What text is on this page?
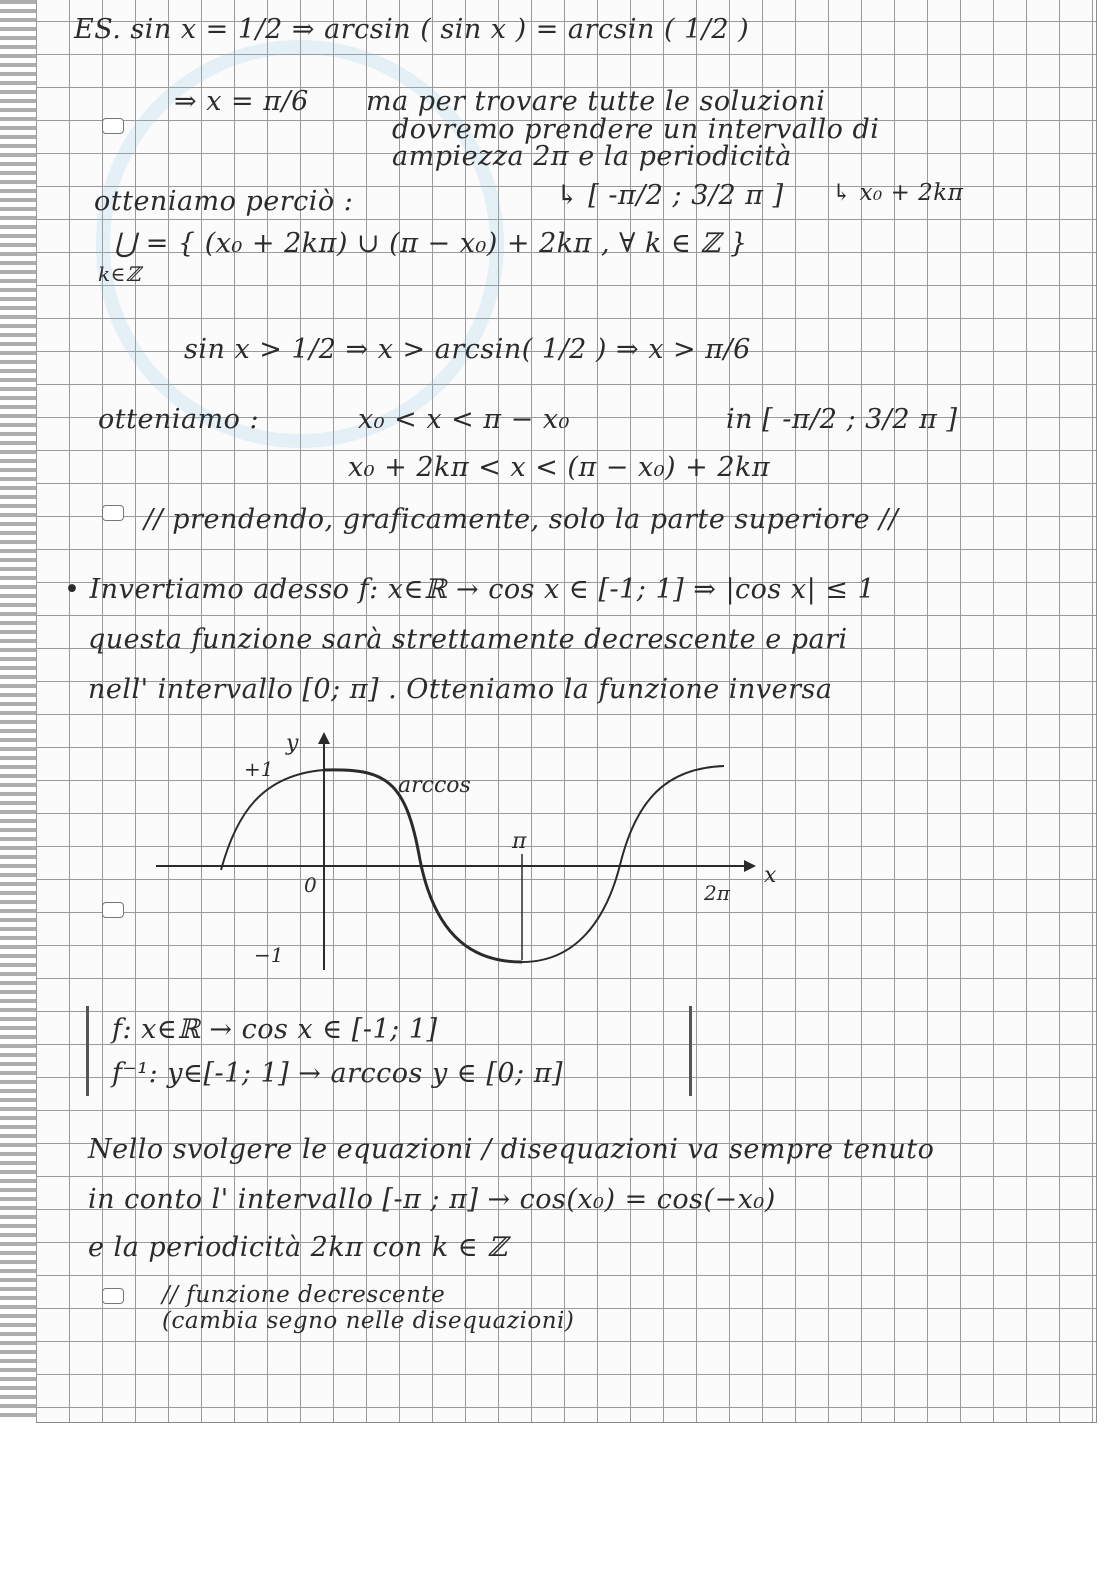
ES. sin x = 1/2 ⇒ arcsin ( sin x ) = arcsin ( 1/2 )
⇒ x = π/6 ma per trovare tutte le soluzioni
dovremo prendere un intervallo di
ampiezza 2π e la periodicità
otteniamo perciò :	↳ [ -π/2 ; 3/2 π ] ↳ x₀ + 2kπ
⋃ = { (x₀ + 2kπ) ∪ (π − x₀) + 2kπ , ∀ k ∈ ℤ }
k∈ℤ
sin x > 1/2 ⇒ x > arcsin( 1/2 ) ⇒ x > π/6
otteniamo :	x₀ < x < π − x₀	in [ -π/2 ; 3/2 π ]
x₀ + 2kπ < x < (π − x₀) + 2kπ
// prendendo, graficamente, solo la parte superiore //
• Invertiamo adesso f: x∈ℝ → cos x ∈ [-1; 1] ⇒ |cos x| ≤ 1
questa funzione sarà strettamente decrescente e pari
nell' intervallo [0; π] . Otteniamo la funzione inversa
y
x
+1
−1
0
π
2π
arccos
f: x∈ℝ → cos x ∈ [-1; 1]
f⁻¹: y∈[-1; 1] → arccos y ∈ [0; π]
Nello svolgere le equazioni / disequazioni va sempre tenuto
in conto l' intervallo [-π ; π] → cos(x₀) = cos(−x₀)
e la periodicità 2kπ con k ∈ ℤ
// funzione decrescente
(cambia segno nelle disequazioni)
